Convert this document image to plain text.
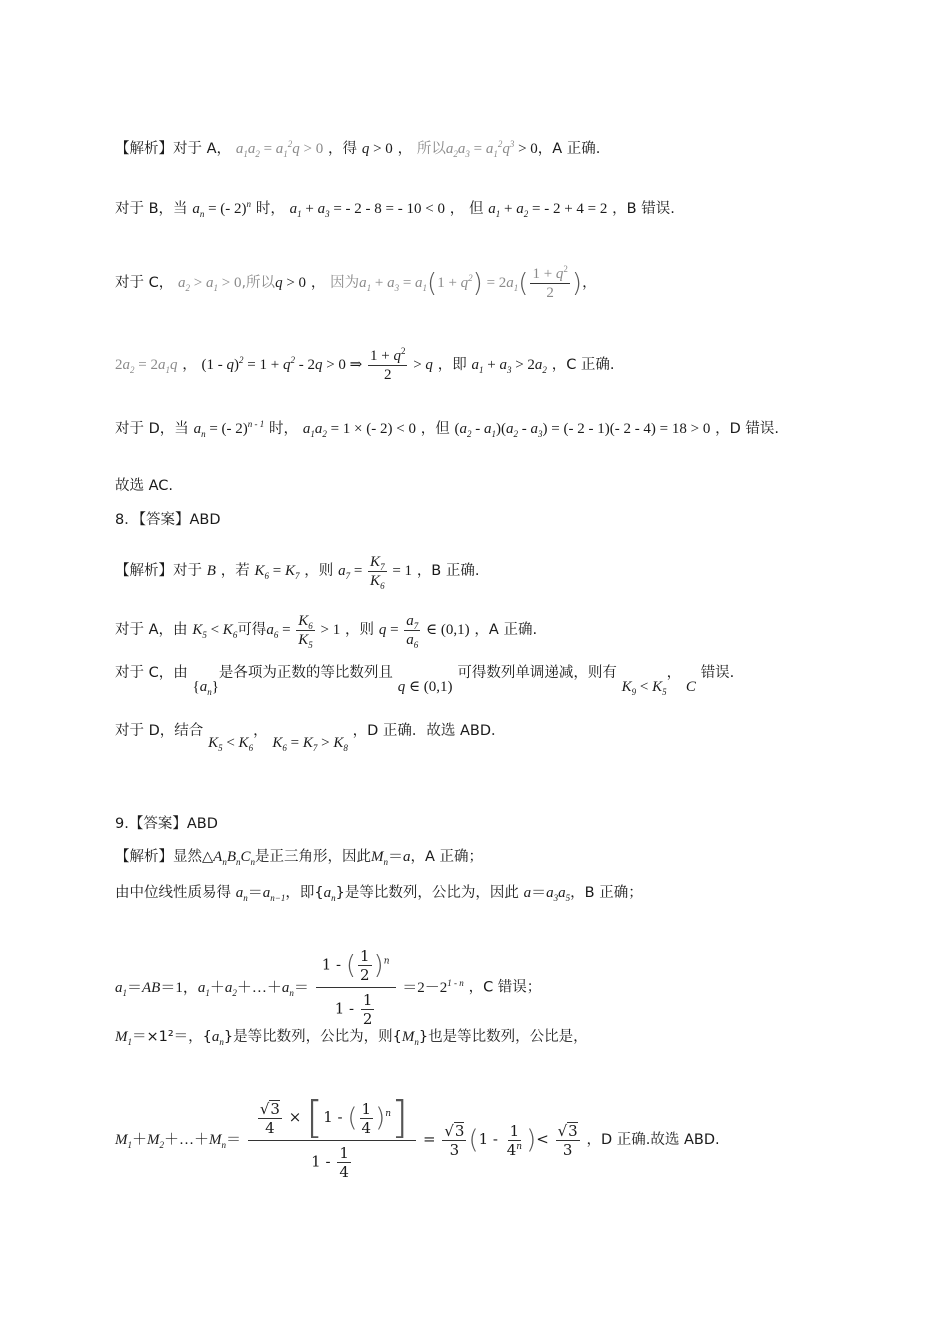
【解析】对于 A， $a_1a_2 = a_1^2q > 0$ ，得 q > 0 ， 所以$a_2a_3 = a_1^2q^3 > 0$，A 正确.
对于 B，当 $a_n$ = (- 2)$^n$ 时， $a_1 + a_3$ = - 2 - 8 = - 10 < 0 ， 但 $a_1 + a_2$ = - 2 + 4 = 2 ，B 错误.
对于 C， $a_2 > a_1 > 0$,所以q > 0 ， 因为$a_1 + a_3 = a_1(1 + q^2) = 2a_1( \frac{1 + q^2}{2}$ )，
$2a_2 = 2a_1q$ ， $(1 - q)^2 = 1 + q^2 - 2q > 0$ ⇒ $\frac{1 + q^2}{2} > q$ ，即 $a_1 + a_3 > 2a_2$ ，C 正确.
对于 D，当 $a_n$ = (- 2)$^{n - 1}$ 时， $a_1a_2 = 1$ × (- 2) < 0 ，但 $(a_2 - a_1)(a_2 - a_3)$ = (- 2 - 1)(- 2 - 4) = 18 > 0 ，D 错误.
故选 AC.
8．【答案】ABD
【解析】对于 B ，若 $K_6 = K_7$ ，则 $a_7 = \frac{K_7}{K_6} = 1$ ，B 正确.
对于 A，由 $K_5 < K_6$可得$a_6 = \frac{K_6}{K_5} > 1$ ，则 $q = \frac{a_7}{a_6}$ ∈ (0,1) ，A 正确.
对于 C，由 $\{a_n\}$是各项为正数的等比数列且 q ∈ (0,1) 可得数列单调递减，则有 $K_9 < K_5$， C 错误.
对于 D，结合 $K_5 < K_6$， $K_6 = K_7 > K_8$ ，D 正确．故选 ABD．
9.【答案】ABD
【解析】显然$\triangle A_nB_nC_n$是正三角形，因此$M_n=a$，A 正确；
由中位线性质易得 $a_n=a_{n-1}$，即$\{a_n\}$是等比数列，公比为，因此 $a=a_3a_5$，B 正确；
$a_1=AB=1$，$a_1+a_2+\dots+a_n= \frac{1 - ( \frac{1}{2} )^n}{1 - \frac{1}{2}} =2-2^{1 - n}$ ，C 错误；
$M_1=\times 1^2=$，$\{a_n\}$是等比数列，公比为，则$\{M_n\}$也是等比数列，公比是，
$M_1+M_2+\dots+M_n= \frac{\frac{√3}{4} \times [1 - ( \frac{1}{4} )^n]}{1 - \frac{1}{4}} = \frac{√3}{3} (1 - \frac{1}{4^n}$ )< $\frac{√3}{3}$ ，D 正确.故选 ABD.
